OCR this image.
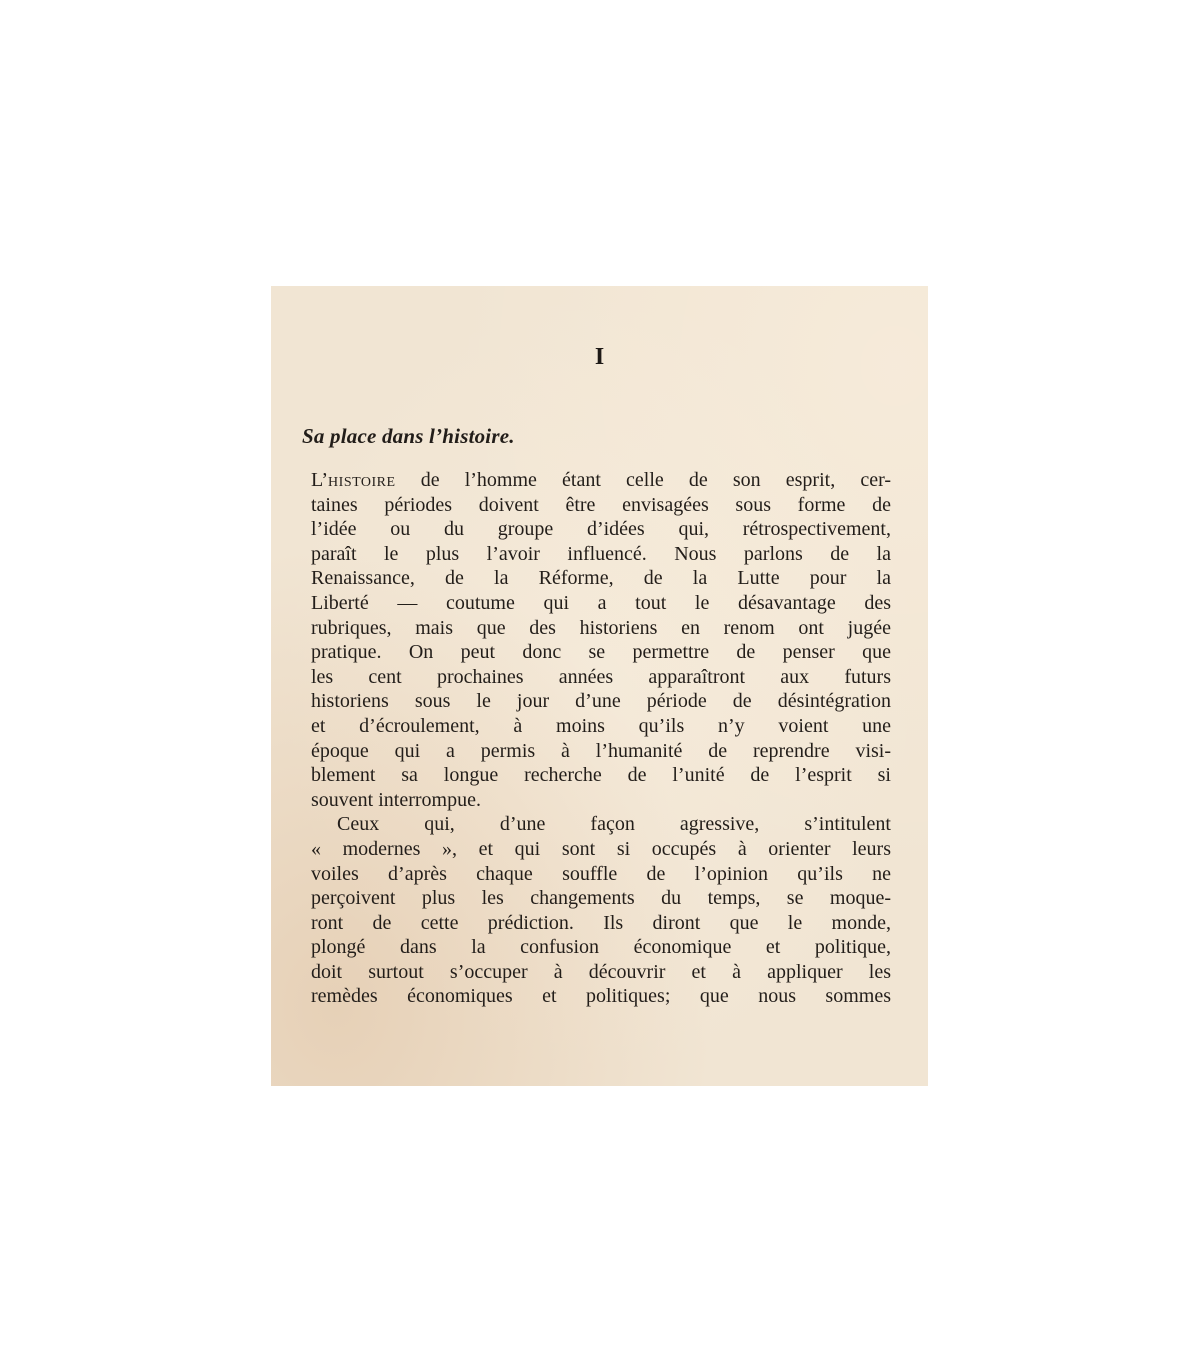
I
Sa place dans l’histoire.
L’histoire de l’homme étant celle de son esprit, cer-
taines périodes doivent être envisagées sous forme de
l’idée ou du groupe d’idées qui, rétrospectivement,
paraît le plus l’avoir influencé. Nous parlons de la
Renaissance, de la Réforme, de la Lutte pour la
Liberté — coutume qui a tout le désavantage des
rubriques, mais que des historiens en renom ont jugée
pratique. On peut donc se permettre de penser que
les cent prochaines années apparaîtront aux futurs
historiens sous le jour d’une période de désintégration
et d’écroulement, à moins qu’ils n’y voient une
époque qui a permis à l’humanité de reprendre visi-
blement sa longue recherche de l’unité de l’esprit si
souvent interrompue.
Ceux qui, d’une façon agressive, s’intitulent
« modernes », et qui sont si occupés à orienter leurs
voiles d’après chaque souffle de l’opinion qu’ils ne
perçoivent plus les changements du temps, se moque-
ront de cette prédiction. Ils diront que le monde,
plongé dans la confusion économique et politique,
doit surtout s’occuper à découvrir et à appliquer les
remèdes économiques et politiques; que nous sommes
